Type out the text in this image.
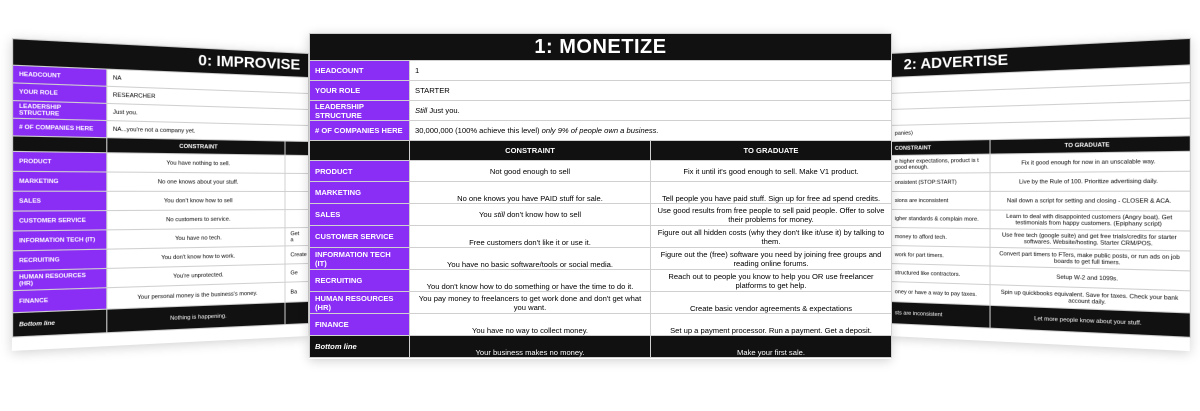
0: IMPROVISE		
HEADCOUNT	NA	
YOUR ROLE	RESEARCHER	
LEADERSHIP STRUCTURE	Just you.	
# OF COMPANIES HERE	NA...you're not a company yet.	
	CONSTRAINT	
PRODUCT	You have nothing to sell.	
MARKETING	No one knows about your stuff.	
SALES	You don't know how to sell	
CUSTOMER SERVICE	No customers to service.	
INFORMATION TECH (IT)	You have no tech.	Get a
RECRUITING	You don't know how to work.	Create
HUMAN RESOURCES (HR)	You're unprotected.	Ge
FINANCE	Your personal money is the business's money.	Ba
Bottom line	Nothing is happening.	
1: MONETIZE		
HEADCOUNT	1	
YOUR ROLE	STARTER	
LEADERSHIP STRUCTURE	Still Just you.	
# OF COMPANIES HERE	30,000,000 (100% achieve this level) only 9% of people own a business.	
	CONSTRAINT	TO GRADUATE
PRODUCT	Not good enough to sell	Fix it until it's good enough to sell. Make V1 product.
MARKETING	No one knows you have PAID stuff for sale.	Tell people you have paid stuff. Sign up for free ad spend credits.
SALES	You still don't know how to sell	Use good results from free people to sell paid people. Offer to solve their problems for money.
CUSTOMER SERVICE	Free customers don't like it or use it.	Figure out all hidden costs (why they don't like it/use it) by talking to them.
INFORMATION TECH (IT)	You have no basic software/tools or social media.	Figure out the (free) software you need by joining free groups and reading online forums.
RECRUITING	You don't know how to do something or have the time to do it.	Reach out to people you know to help you OR use freelancer platforms to get help.
HUMAN RESOURCES (HR)	You pay money to freelancers to get work done and don't get what you want.	Create basic vendor agreements & expectations
FINANCE	You have no way to collect money.	Set up a payment processor. Run a payment. Get a deposit.
Bottom line	Your business makes no money.	Make your first sale.
2: ADVERTISE	

panies)	
CONSTRAINT	TO GRADUATE
e higher expectations, product is t good enough.	Fix it good enough for now in an unscalable way.
onsistent (STOP:START)	Live by the Rule of 100. Prioritize advertising daily.
sions are inconsistent	Nail down a script for setting and closing - CLOSER & ACA.
igher standards & complain more.	Learn to deal with disappointed customers (Angry boat). Get testimonials from happy customers. (Epiphany script)
money to afford tech.	Use free tech (google suite) and get free trials/credits for starter softwares. Website/hosting. Starter CRM/POS.
work for part timers.	Convert part timers to FTers, make public posts, or run ads on job boards to get full timers.
structured like contractors.	Setup W-2 and 1099s.
oney or have a way to pay taxes.	Spin up quickbooks equivalent. Save for taxes. Check your bank account daily.
sts are inconsistent	Let more people know about your stuff.
